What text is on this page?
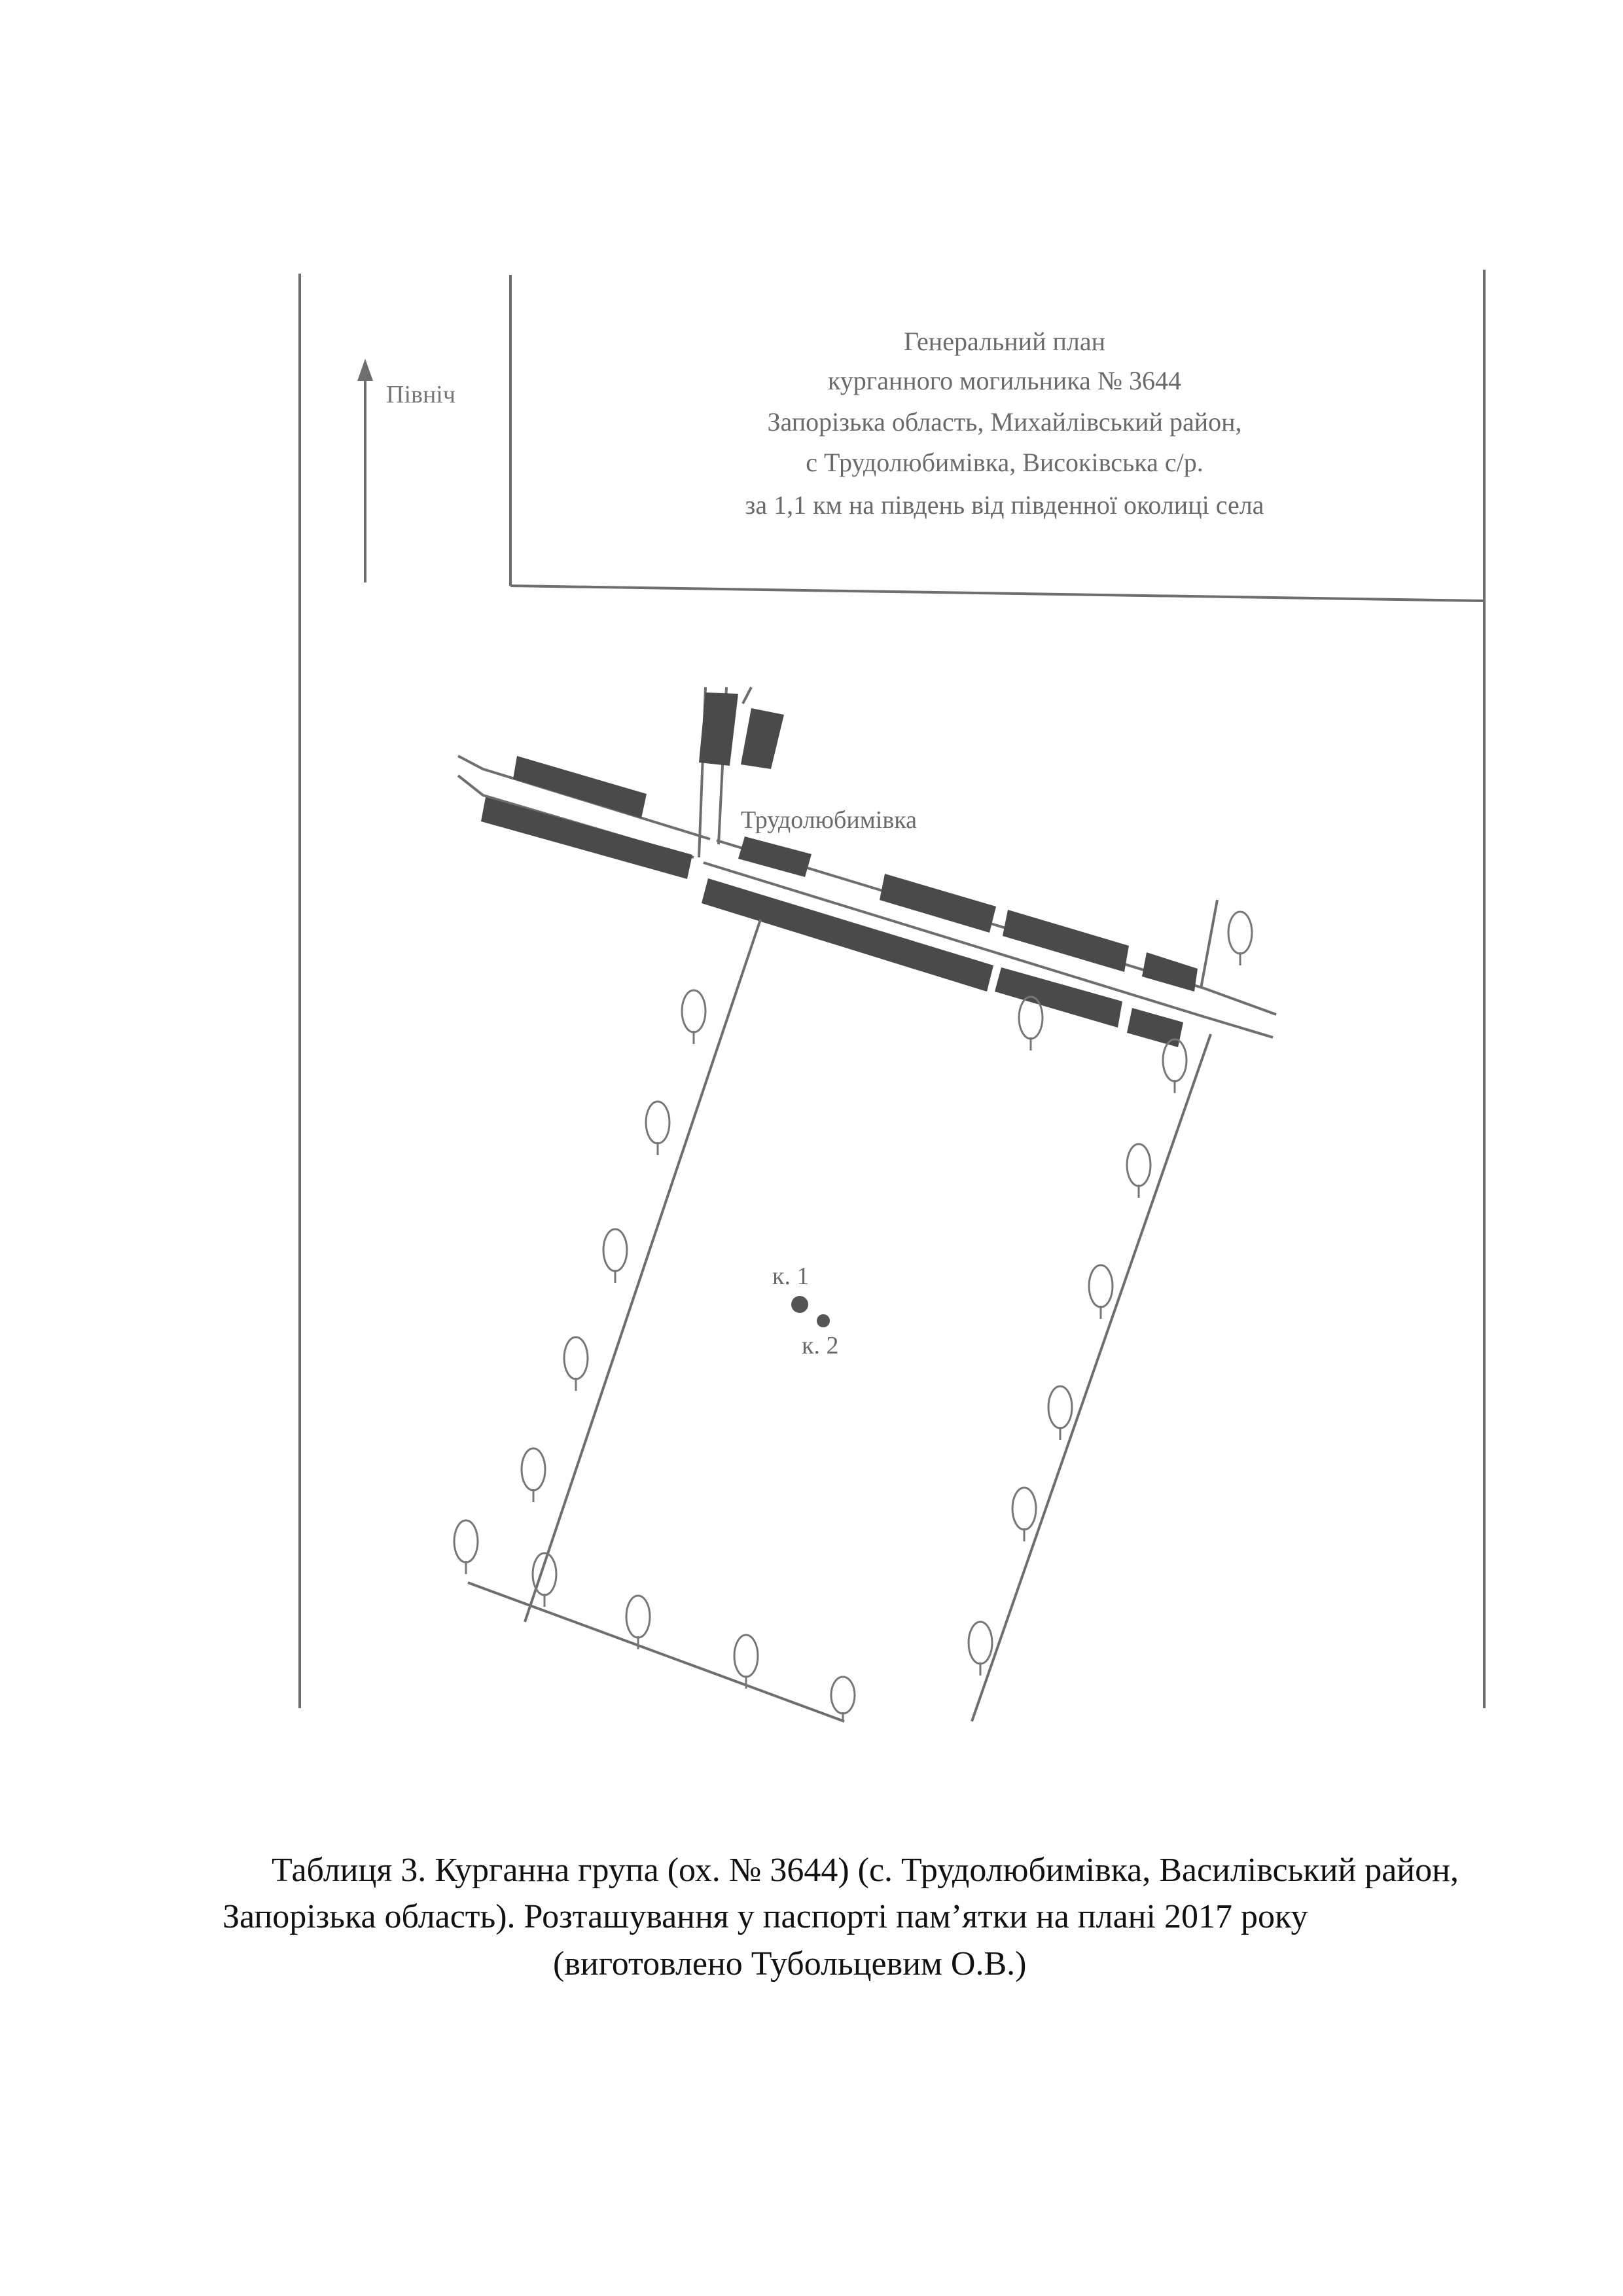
Північ
Генеральний план
курганного могильника № 3644
Запорізька область, Михайлівський район,
с Трудолюбимівка, Високівська с/р.
за 1,1 км на південь від південної околиці села
Трудолюбимівка
к. 1
к. 2
Таблиця 3. Курганна група (ох. № 3644) (с. Трудолюбимівка, Василівський район,
Запорізька область). Розташування у паспорті пам’ятки на плані 2017 року
(виготовлено Тубольцевим О.В.)
